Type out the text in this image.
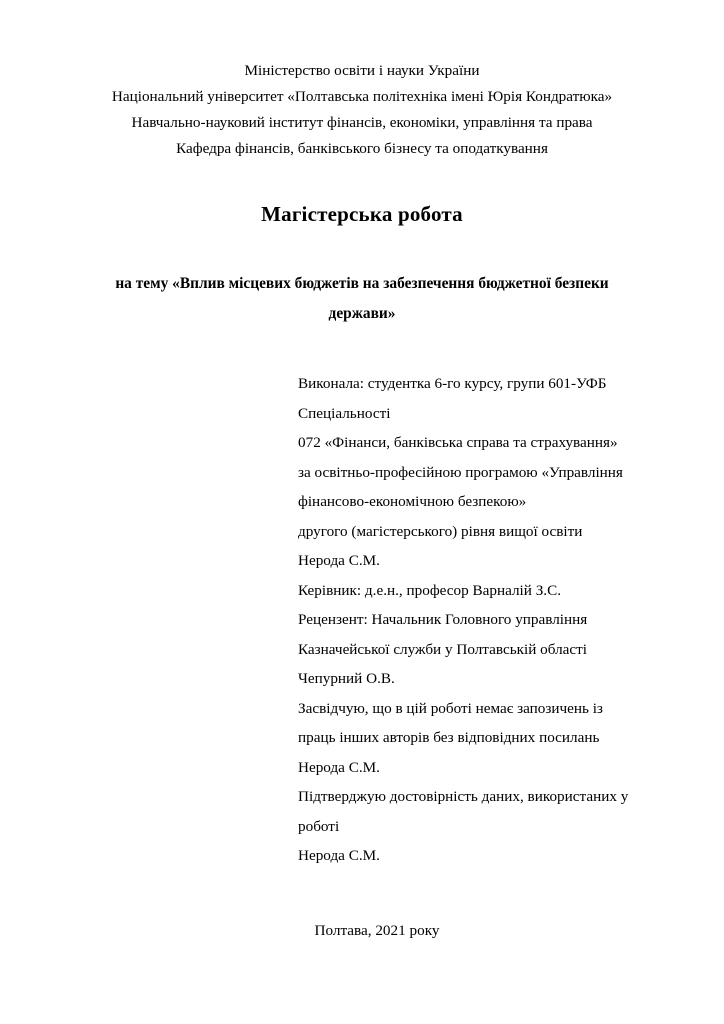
Міністерство освіти і науки України
Національний університет «Полтавська політехніка імені Юрія Кондратюка»
Навчально-науковий інститут фінансів, економіки, управління та права
Кафедра фінансів, банківського бізнесу та оподаткування
Магістерська робота
на тему «Вплив місцевих бюджетів на забезпечення бюджетної безпеки держави»
Виконала: студентка 6-го курсу, групи 601-УФБ
Спеціальності
072 «Фінанси, банківська справа та страхування»
за освітньо-професійною програмою «Управління
фінансово-економічною безпекою»
другого (магістерського) рівня вищої освіти
Нерода С.М.
Керівник: д.е.н., професор Варналій З.С.
Рецензент: Начальник Головного управління
Казначейської служби у Полтавській області
Чепурний О.В.
Засвідчую, що в цій роботі немає запозичень із
праць інших авторів без відповідних посилань
Нерода С.М.
Підтверджую достовірність даних, використаних у
роботі
Нерода С.М.
Полтава, 2021 року
